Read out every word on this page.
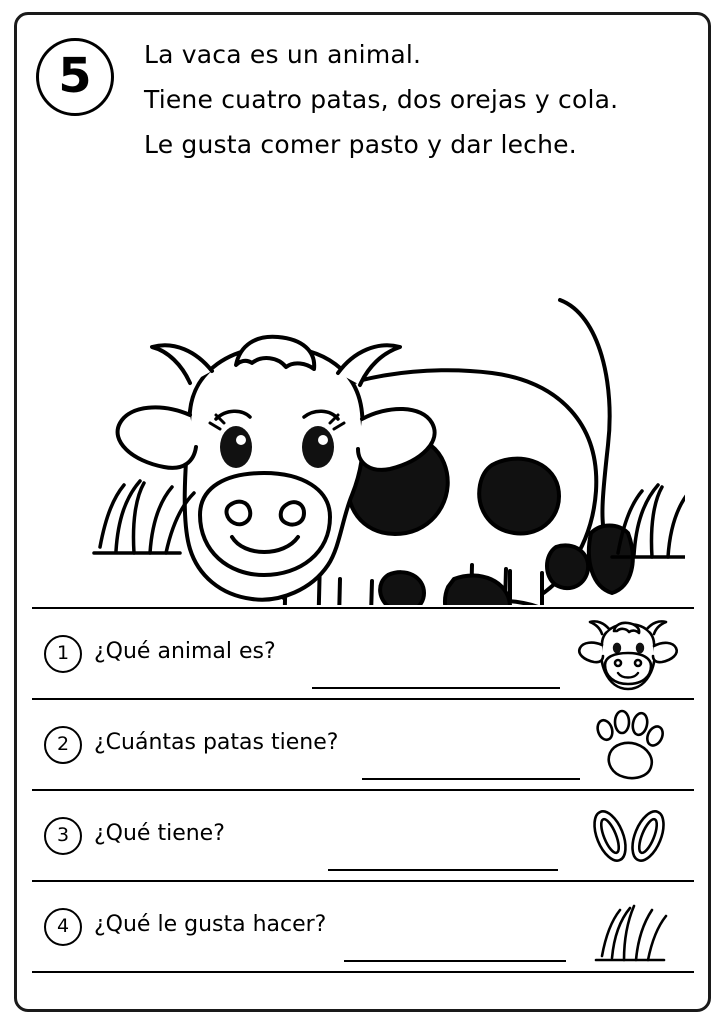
5	La vaca es un animal.
Tiene cuatro patas, dos orejas y cola.
Le gusta comer pasto y dar leche.
1	¿Qué animal es?
2	¿Cuántas patas tiene?
3	¿Qué tiene?
4	¿Qué le gusta hacer?
